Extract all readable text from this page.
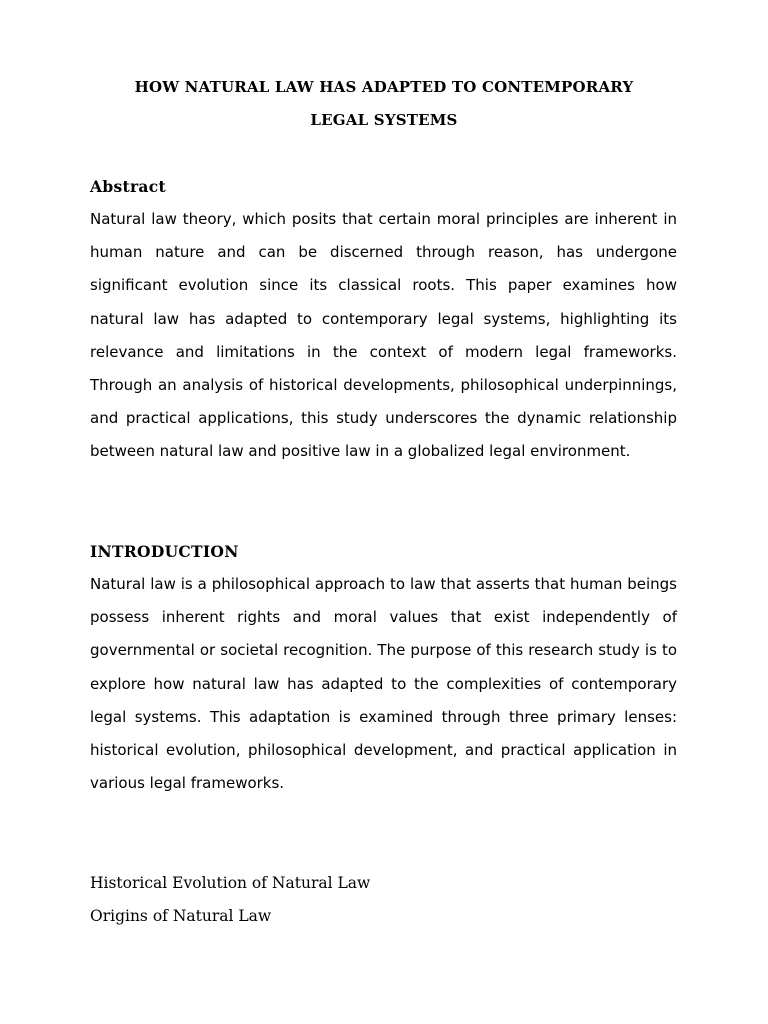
HOW NATURAL LAW HAS ADAPTED TO CONTEMPORARY
LEGAL SYSTEMS
Abstract

Natural law theory, which posits that certain moral principles are inherent in human nature and can be discerned through reason, has undergone significant evolution since its classical roots. This paper examines how natural law has adapted to contemporary legal systems, highlighting its relevance and limitations in the context of modern legal frameworks. Through an analysis of historical developments, philosophical underpinnings, and practical applications, this study underscores the dynamic relationship between natural law and positive law in a globalized legal environment.

INTRODUCTION

Natural law is a philosophical approach to law that asserts that human beings possess inherent rights and moral values that exist independently of governmental or societal recognition. The purpose of this research study is to explore how natural law has adapted to the complexities of contemporary legal systems. This adaptation is examined through three primary lenses: historical evolution, philosophical development, and practical application in various legal frameworks.

Historical Evolution of Natural Law
Origins of Natural Law
